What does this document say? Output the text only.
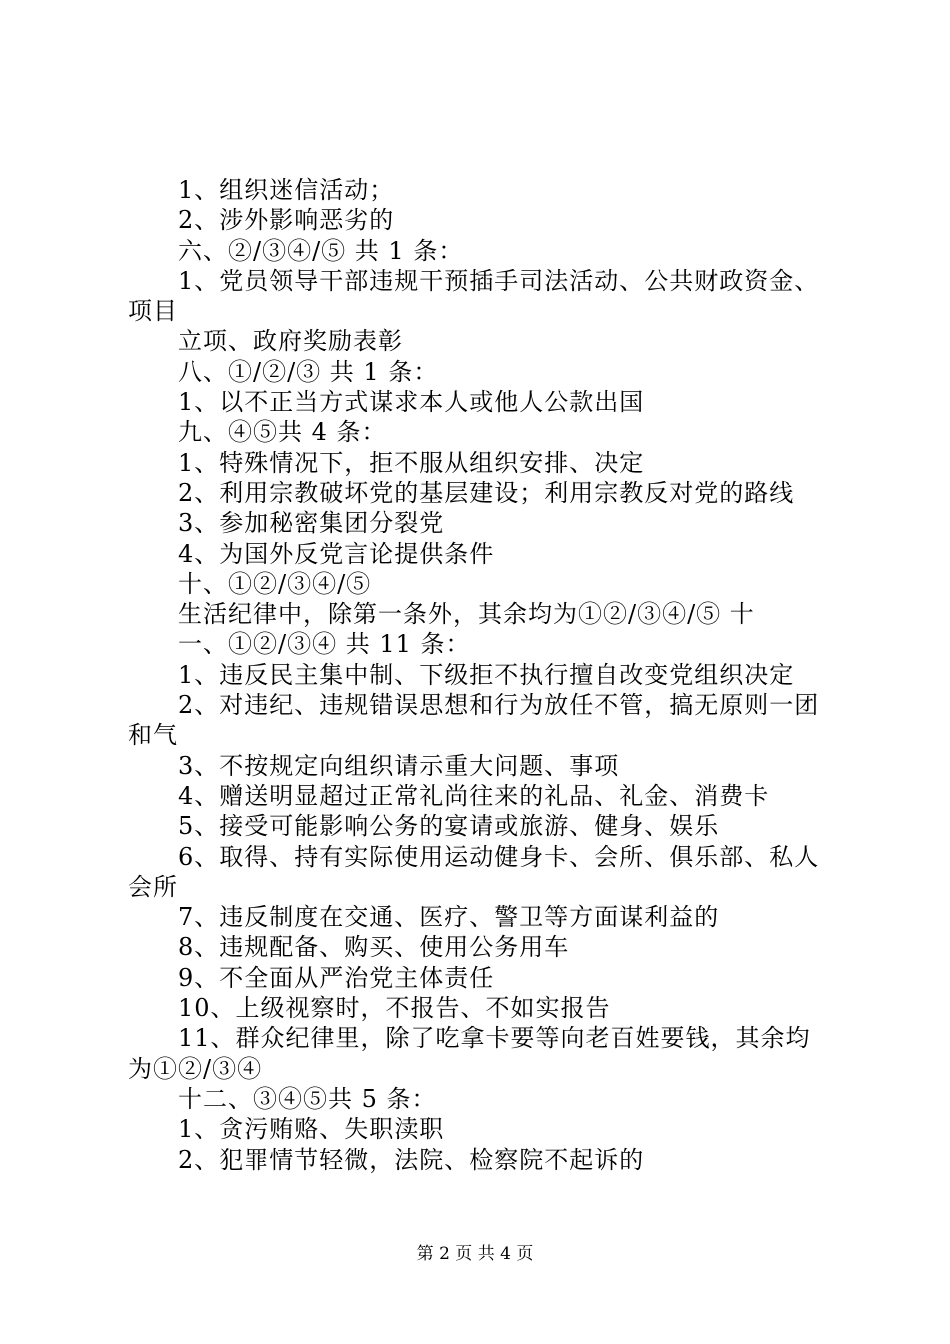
1、组织迷信活动；
2、涉外影响恶劣的
六、②/③④/⑤ 共 1 条：
1、党员领导干部违规干预插手司法活动、公共财政资金、
项目
立项、政府奖励表彰
八、①/②/③ 共 1 条：
1、以不正当方式谋求本人或他人公款出国
九、④⑤共 4 条：
1、特殊情况下，拒不服从组织安排、决定
2、利用宗教破坏党的基层建设；利用宗教反对党的路线
3、参加秘密集团分裂党
4、为国外反党言论提供条件
十、①②/③④/⑤
生活纪律中，除第一条外，其余均为①②/③④/⑤ 十
一、①②/③④ 共 11 条：
1、违反民主集中制、下级拒不执行擅自改变党组织决定
2、对违纪、违规错误思想和行为放任不管，搞无原则一团
和气
3、不按规定向组织请示重大问题、事项
4、赠送明显超过正常礼尚往来的礼品、礼金、消费卡
5、接受可能影响公务的宴请或旅游、健身、娱乐
6、取得、持有实际使用运动健身卡、会所、俱乐部、私人
会所
7、违反制度在交通、医疗、警卫等方面谋利益的
8、违规配备、购买、使用公务用车
9、不全面从严治党主体责任
10、上级视察时，不报告、不如实报告
11、群众纪律里，除了吃拿卡要等向老百姓要钱，其余均
为①②/③④
十二、③④⑤共 5 条：
1、贪污贿赂、失职渎职
2、犯罪情节轻微，法院、检察院不起诉的
第 2 页 共 4 页
